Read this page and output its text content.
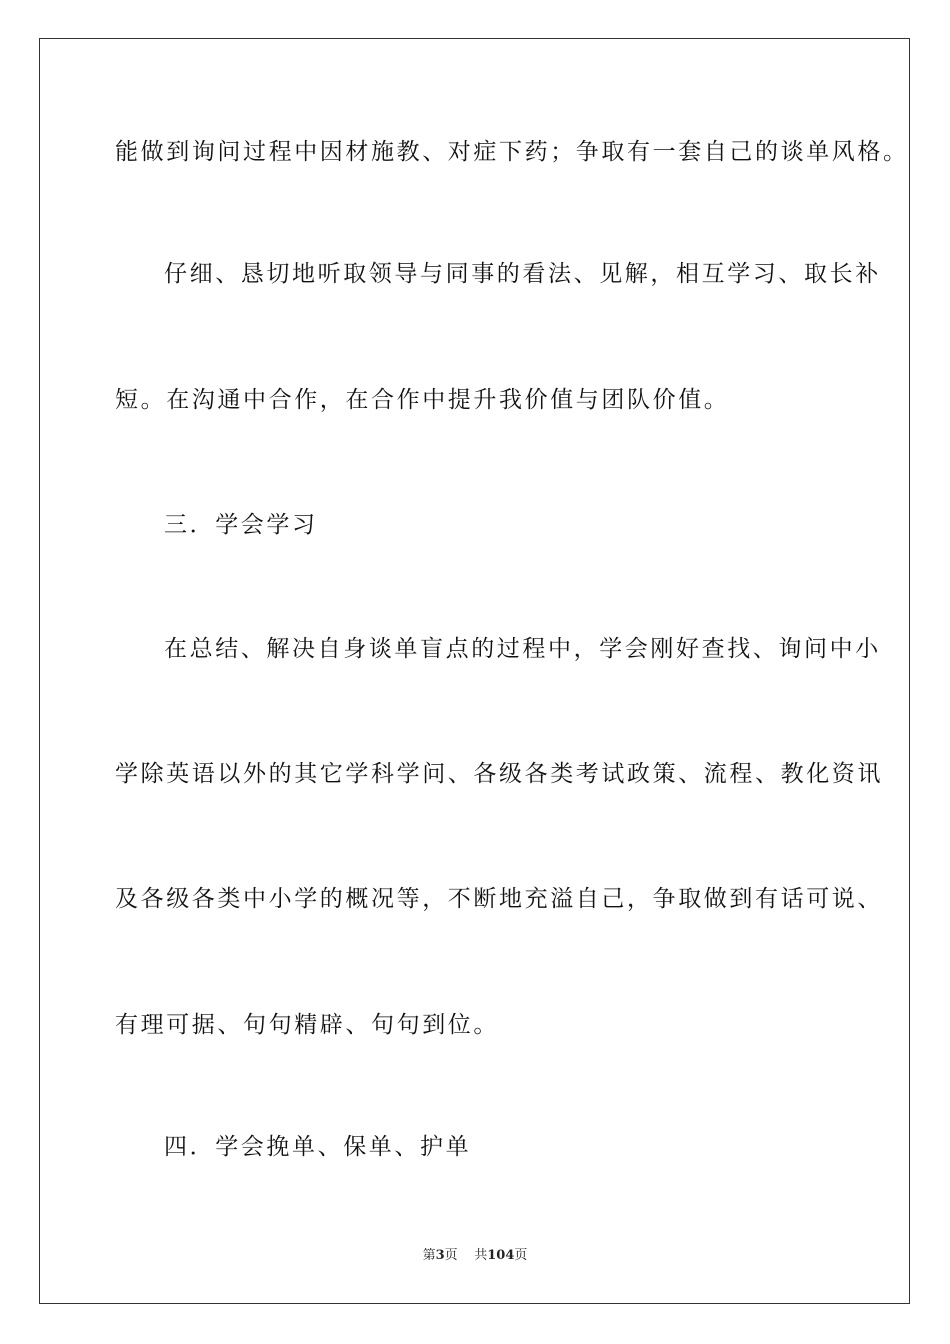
能做到询问过程中因材施教、对症下药；争取有一套自己的谈单风格。
仔细、恳切地听取领导与同事的看法、见解，相互学习、取长补
短。在沟通中合作，在合作中提升我价值与团队价值。
三．学会学习
在总结、解决自身谈单盲点的过程中，学会刚好查找、询问中小
学除英语以外的其它学科学问、各级各类考试政策、流程、教化资讯
及各级各类中小学的概况等，不断地充溢自己，争取做到有话可说、
有理可据、句句精辟、句句到位。
四．学会挽单、保单、护单
第3页 共104页
